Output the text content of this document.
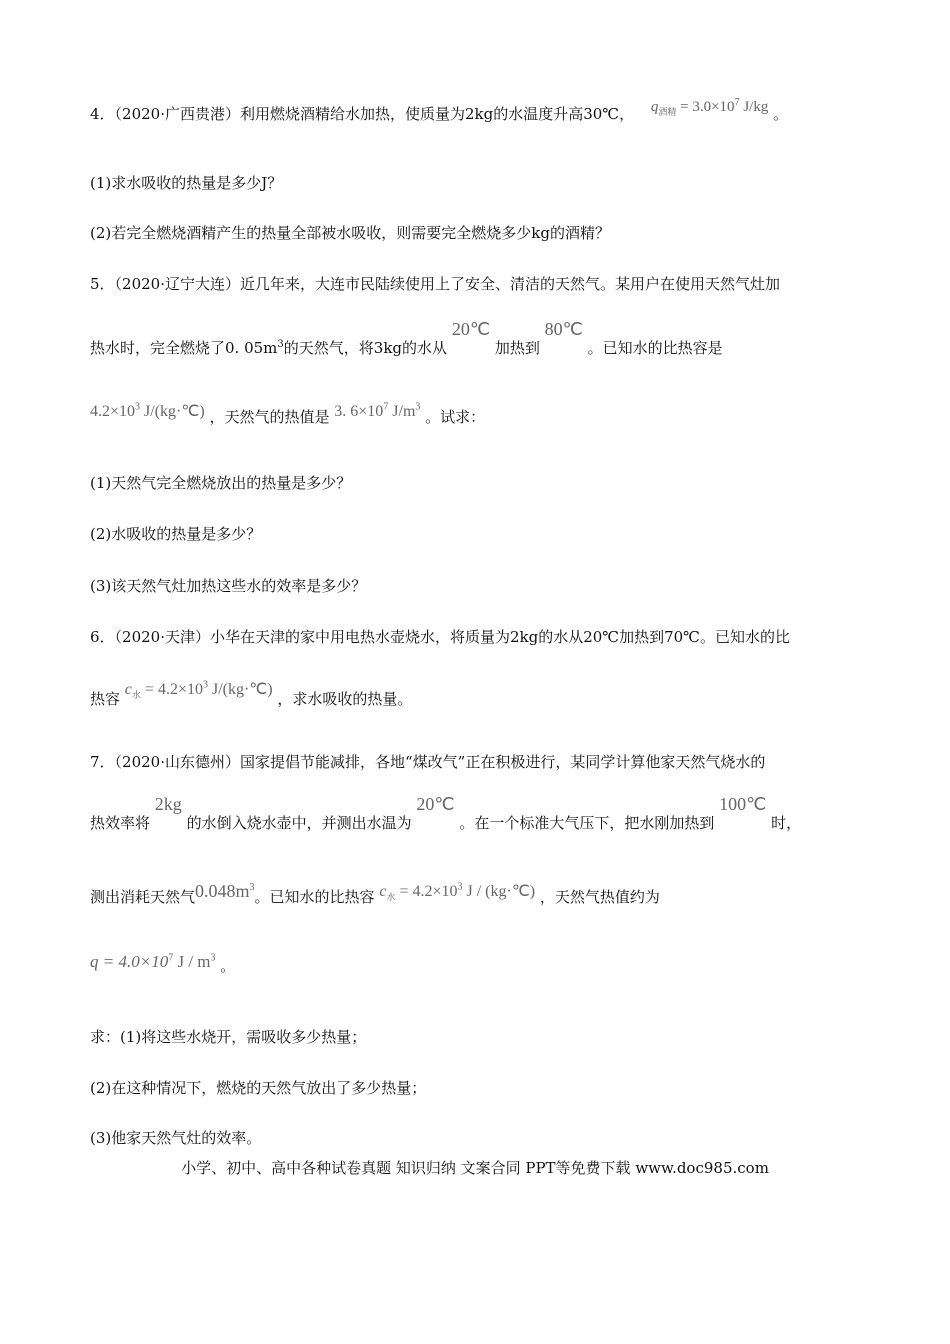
4．（2020·广西贵港）利用燃烧酒精给水加热，使质量为2kg的水温度升高30℃， $q_{酒精} = 3.0\times 10^7$ J/kg 。
(1)求水吸收的热量是多少J？
(2)若完全燃烧酒精产生的热量全部被水吸收，则需要完全燃烧多少kg的酒精？
5．（2020·辽宁大连）近几年来，大连市民陆续使用上了安全、清洁的天然气。某用户在使用天然气灶加
热水时，完全燃烧了0. $05m^3$的天然气，将3kg的水从 20℃ 加热到 80℃ 。已知水的比热容是
$4.2\times 10^3$ J/(kg·℃) ，天然气的热值是 3. $6\times 10^7$ $J/m^3$ 。试求：
(1)天然气完全燃烧放出的热量是多少？
(2)水吸收的热量是多少？
(3)该天然气灶加热这些水的效率是多少？
6．（2020·天津）小华在天津的家中用电热水壶烧水，将质量为2kg的水从20℃加热到70℃。已知水的比
热容 $c_水 = 4.2\times 10^3$ J/(kg·℃) ，求水吸收的热量。
7．（2020·山东德州）国家提倡节能减排，各地“煤改气”正在积极进行，某同学计算他家天然气烧水的
热效率将 2kg 的水倒入烧水壶中，并测出水温为 20℃ 。在一个标准大气压下，把水刚加热到 100℃ 时，
测出消耗天然气$0.048m^3$。已知水的比热容 $c_水 = 4.2\times 10^3$ J / (kg·℃) ，天然气热值约为
$q = 4.0\times 10^7$ J / $m^3$ 。
求：(1)将这些水烧开，需吸收多少热量；
(2)在这种情况下，燃烧的天然气放出了多少热量；
(3)他家天然气灶的效率。
小学、初中、高中各种试卷真题 知识归纳 文案合同 PPT等免费下载 www.doc985.com
